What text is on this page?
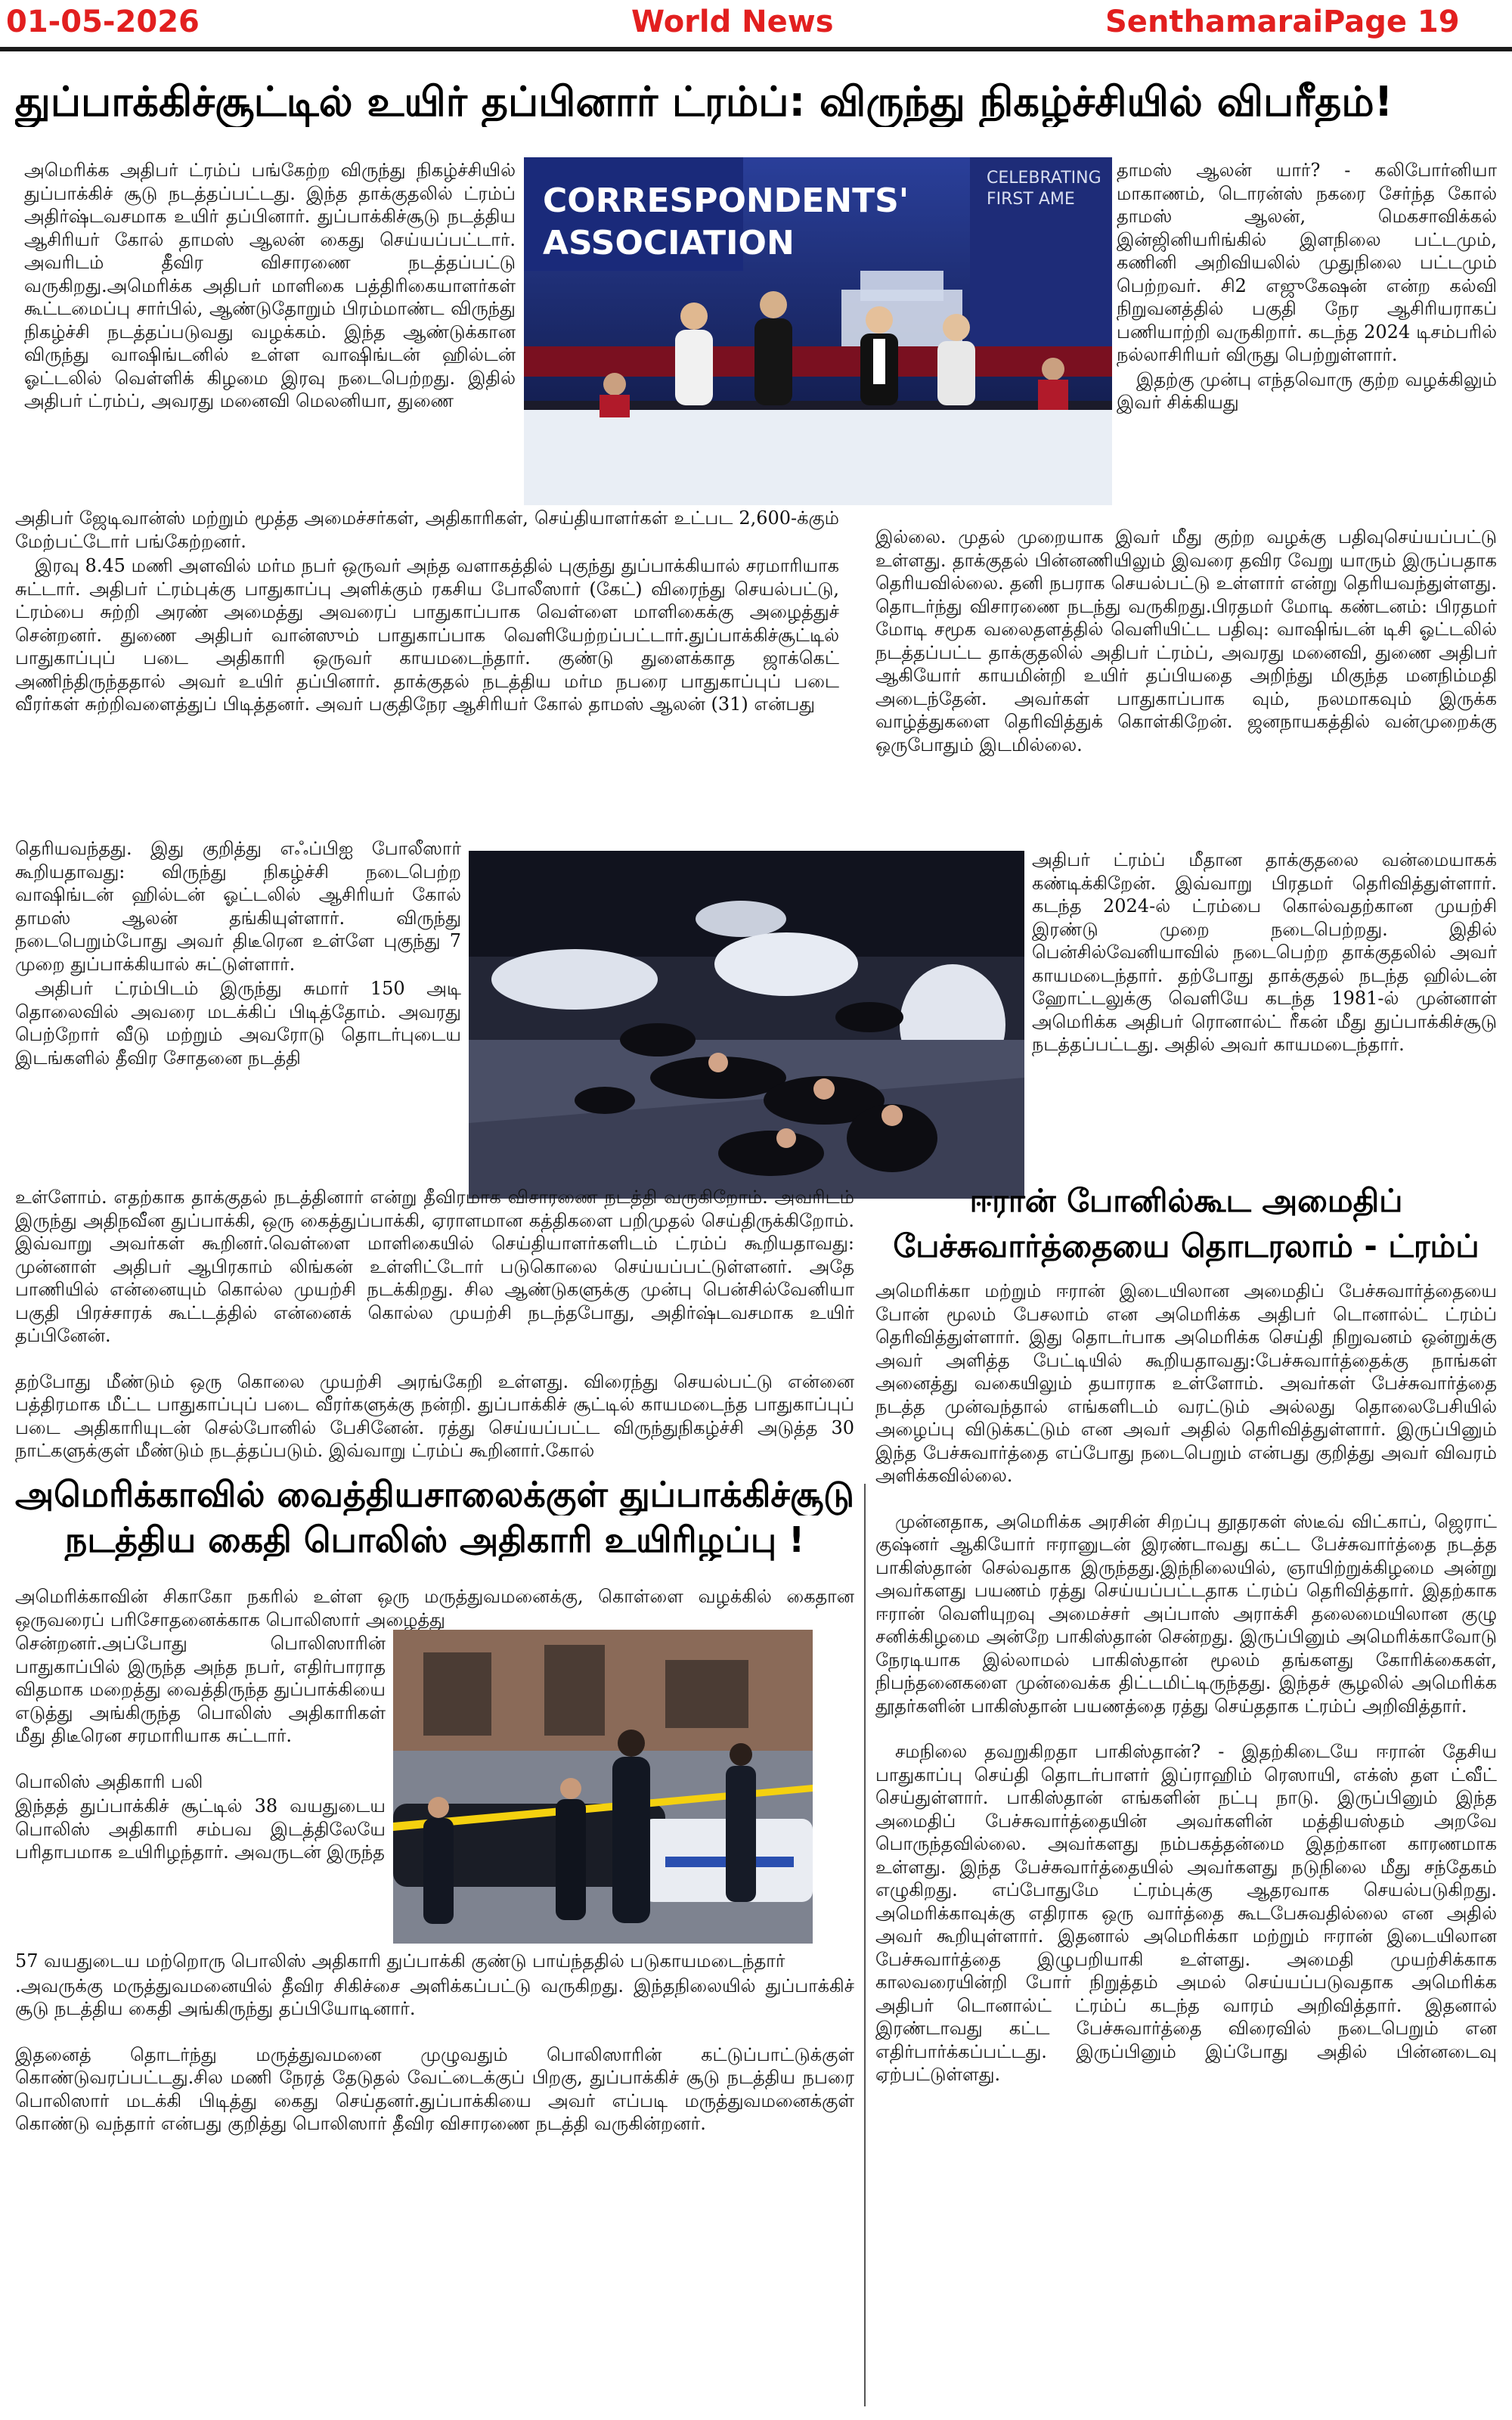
01-05-2026	World News	Senthamarai Page 19
துப்பாக்கிச்சூட்டில் உயிர் தப்பினார் ட்ரம்ப்: விருந்து நிகழ்ச்சியில் விபரீதம்!
CORRESPONDENTS' ASSOCIATION
CELEBRATING FIRST AME

அமெரிக்க அதிபர் ட்ரம்ப் பங்கேற்ற விருந்து நிகழ்ச்சியில் துப்பாக்கிச் சூடு நடத்தப்பட்டது. இந்த தாக்குதலில் ட்ரம்ப் அதிர்ஷ்டவசமாக உயிர் தப்பினார். துப்பாக்கிச்சூடு நடத்திய ஆசிரியர் கோல் தாமஸ் ஆலன் கைது செய்யப்பட்டார். அவரிடம் தீவிர விசாரணை நடத்தப்பட்டு வருகிறது.அமெரிக்க அதிபர் மாளிகை பத்திரிகையாளர்கள் கூட்டமைப்பு சார்பில், ஆண்டுதோறும் பிரம்மாண்ட விருந்து நிகழ்ச்சி நடத்தப்படுவது வழக்கம். இந்த ஆண்டுக்கான விருந்து வாஷிங்டனில் உள்ள வாஷிங்டன் ஹில்டன் ஓட்டலில் வெள்ளிக் கிழமை இரவு நடைபெற்றது. இதில் அதிபர் ட்ரம்ப், அவரது மனைவி மெலனியா, துணை

அதிபர் ஜேடிவான்ஸ் மற்றும் மூத்த அமைச்சர்கள், அதிகாரிகள், செய்தியாளர்கள் உட்பட 2,600-க்கும் மேற்பட்டோர் பங்கேற்றனர்.

இரவு 8.45 மணி அளவில் மர்ம நபர் ஒருவர் அந்த வளாகத்தில் புகுந்து துப்பாக்கியால் சரமாரியாக சுட்டார். அதிபர் ட்ரம்புக்கு பாதுகாப்பு அளிக்கும் ரகசிய போலீஸார் (கேட்) விரைந்து செயல்பட்டு, ட்ரம்பை சுற்றி அரண் அமைத்து அவரைப் பாதுகாப்பாக வெள்ளை மாளிகைக்கு அழைத்துச் சென்றனர். துணை அதிபர் வான்ஸும் பாதுகாப்பாக வெளியேற்றப்பட்டார்.துப்பாக்கிச்சூட்டில் பாதுகாப்புப் படை அதிகாரி ஒருவர் காயமடைந்தார். குண்டு துளைக்காத ஜாக்கெட் அணிந்திருந்ததால் அவர் உயிர் தப்பினார். தாக்குதல் நடத்திய மர்ம நபரை பாதுகாப்புப் படை வீரர்கள் சுற்றிவளைத்துப் பிடித்தனர். அவர் பகுதிநேர ஆசிரியர் கோல் தாமஸ் ஆலன் (31) என்பது

தெரியவந்தது. இது குறித்து எஃப்பிஐ போலீஸார் கூறியதாவது: விருந்து நிகழ்ச்சி நடைபெற்ற வாஷிங்டன் ஹில்டன் ஓட்டலில் ஆசிரியர் கோல் தாமஸ் ஆலன் தங்கியுள்ளார். விருந்து நடைபெறும்போது அவர் திடீரென உள்ளே புகுந்து 7 முறை துப்பாக்கியால் சுட்டுள்ளார்.

அதிபர் ட்ரம்பிடம் இருந்து சுமார் 150 அடி தொலைவில் அவரை மடக்கிப் பிடித்தோம். அவரது பெற்றோர் வீடு மற்றும் அவரோடு தொடர்புடைய இடங்களில் தீவிர சோதனை நடத்தி

உள்ளோம். எதற்காக தாக்குதல் நடத்தினார் என்று தீவிரமாக விசாரணை நடத்தி வருகிறோம். அவரிடம் இருந்து அதிநவீன துப்பாக்கி, ஒரு கைத்துப்பாக்கி, ஏராளமான கத்திகளை பறிமுதல் செய்திருக்கிறோம். இவ்வாறு அவர்கள் கூறினர்.வெள்ளை மாளிகையில் செய்தியாளர்களிடம் ட்ரம்ப் கூறியதாவது: முன்னாள் அதிபர் ஆபிரகாம் லிங்கன் உள்ளிட்டோர் படுகொலை செய்யப்பட்டுள்ளனர். அதே பாணியில் என்னையும் கொல்ல முயற்சி நடக்கிறது. சில ஆண்டுகளுக்கு முன்பு பென்சில்வேனியா பகுதி பிரச்சாரக் கூட்டத்தில் என்னைக் கொல்ல முயற்சி நடந்தபோது, அதிர்ஷ்டவசமாக உயிர் தப்பினேன்.

தற்போது மீண்டும் ஒரு கொலை முயற்சி அரங்கேறி உள்ளது. விரைந்து செயல்பட்டு என்னை பத்திரமாக மீட்ட பாதுகாப்புப் படை வீரர்களுக்கு நன்றி. துப்பாக்கிச் சூட்டில் காயமடைந்த பாதுகாப்புப் படை அதிகாரியுடன் செல்போனில் பேசினேன். ரத்து செய்யப்பட்ட விருந்துநிகழ்ச்சி அடுத்த 30 நாட்களுக்குள் மீண்டும் நடத்தப்படும். இவ்வாறு ட்ரம்ப் கூறினார்.கோல்

தாமஸ் ஆலன் யார்? - கலிபோர்னியா மாகாணம், டொரன்ஸ் நகரை சேர்ந்த கோல் தாமஸ் ஆலன், மெகசாவிக்கல் இன்ஜினியரிங்கில் இளநிலை பட்டமும், கணினி அறிவியலில் முதுநிலை பட்டமும் பெற்றவர். சி2 எஜுகேஷன் என்ற கல்வி நிறுவனத்தில் பகுதி நேர ஆசிரியராகப் பணியாற்றி வருகிறார். கடந்த 2024 டிசம்பரில் நல்லாசிரியர் விருது பெற்றுள்ளார்.

இதற்கு முன்பு எந்தவொரு குற்ற வழக்கிலும் இவர் சிக்கியது

இல்லை. முதல் முறையாக இவர் மீது குற்ற வழக்கு பதிவுசெய்யப்பட்டு உள்ளது. தாக்குதல் பின்னணியிலும் இவரை தவிர வேறு யாரும் இருப்பதாக தெரியவில்லை. தனி நபராக செயல்பட்டு உள்ளார் என்று தெரியவந்துள்ளது. தொடர்ந்து விசாரணை நடந்து வருகிறது.பிரதமர் மோடி கண்டனம்: பிரதமர் மோடி சமூக வலைதளத்தில் வெளியிட்ட பதிவு: வாஷிங்டன் டிசி ஓட்டலில் நடத்தப்பட்ட தாக்குதலில் அதிபர் ட்ரம்ப், அவரது மனைவி, துணை அதிபர் ஆகியோர் காயமின்றி உயிர் தப்பியதை அறிந்து மிகுந்த மனநிம்மதி அடைந்தேன். அவர்கள் பாதுகாப்பாக வும், நலமாகவும் இருக்க வாழ்த்துகளை தெரிவித்துக் கொள்கிறேன். ஜனநாயகத்தில் வன்முறைக்கு ஒருபோதும் இடமில்லை.

அதிபர் ட்ரம்ப் மீதான தாக்குதலை வன்மையாகக் கண்டிக்கிறேன். இவ்வாறு பிரதமர் தெரிவித்துள்ளார். கடந்த 2024-ல் ட்ரம்பை கொல்வதற்கான முயற்சி இரண்டு முறை நடைபெற்றது. இதில் பென்சில்வேனியாவில் நடைபெற்ற தாக்குதலில் அவர் காயமடைந்தார். தற்போது தாக்குதல் நடந்த ஹில்டன் ஹோட்டலுக்கு வெளியே கடந்த 1981-ல் முன்னாள் அமெரிக்க அதிபர் ரொனால்ட் ரீகன் மீது துப்பாக்கிச்சூடு நடத்தப்பட்டது. அதில் அவர் காயமடைந்தார்.

அமெரிக்காவில் வைத்தியசாலைக்குள் துப்பாக்கிச்சூடு
நடத்திய கைதி பொலிஸ் அதிகாரி உயிரிழப்பு !

அமெரிக்காவின் சிகாகோ நகரில் உள்ள ஒரு மருத்துவமனைக்கு, கொள்ளை வழக்கில் கைதான ஒருவரைப் பரிசோதனைக்காக பொலிஸார் அழைத்து

சென்றனர்.அப்போது பொலிஸாரின் பாதுகாப்பில் இருந்த அந்த நபர், எதிர்பாராத விதமாக மறைத்து வைத்திருந்த துப்பாக்கியை எடுத்து அங்கிருந்த பொலிஸ் அதிகாரிகள் மீது திடீரென சரமாரியாக சுட்டார்.

பொலிஸ் அதிகாரி பலி

இந்தத் துப்பாக்கிச் சூட்டில் 38 வயதுடைய பொலிஸ் அதிகாரி சம்பவ இடத்திலேயே பரிதாபமாக உயிரிழந்தார். அவருடன் இருந்த

57 வயதுடைய மற்றொரு பொலிஸ் அதிகாரி துப்பாக்கி குண்டு பாய்ந்ததில் படுகாயமடைந்தார்

.அவருக்கு மருத்துவமனையில் தீவிர சிகிச்சை அளிக்கப்பட்டு வருகிறது. இந்தநிலையில் துப்பாக்கிச் சூடு நடத்திய கைதி அங்கிருந்து தப்பியோடினார்.

இதனைத் தொடர்ந்து மருத்துவமனை முழுவதும் பொலிஸாரின் கட்டுப்பாட்டுக்குள் கொண்டுவரப்பட்டது.சில மணி நேரத் தேடுதல் வேட்டைக்குப் பிறகு, துப்பாக்கிச் சூடு நடத்திய நபரை பொலிஸார் மடக்கி பிடித்து கைது செய்தனர்.துப்பாக்கியை அவர் எப்படி மருத்துவமனைக்குள் கொண்டு வந்தார் என்பது குறித்து பொலிஸார் தீவிர விசாரணை நடத்தி வருகின்றனர்.

ஈரான் போனில்கூட அமைதிப்
பேச்சுவார்த்தையை தொடரலாம் - ட்ரம்ப்

அமெரிக்கா மற்றும் ஈரான் இடையிலான அமைதிப் பேச்சுவார்த்தையை போன் மூலம் பேசலாம் என அமெரிக்க அதிபர் டொனால்ட் ட்ரம்ப் தெரிவித்துள்ளார். இது தொடர்பாக அமெரிக்க செய்தி நிறுவனம் ஒன்றுக்கு அவர் அளித்த பேட்டியில் கூறியதாவது:பேச்சுவார்த்தைக்கு நாங்கள் அனைத்து வகையிலும் தயாராக உள்ளோம். அவர்கள் பேச்சுவார்த்தை நடத்த முன்வந்தால் எங்களிடம் வரட்டும் அல்லது தொலைபேசியில் அழைப்பு விடுக்கட்டும் என அவர் அதில் தெரிவித்துள்ளார். இருப்பினும் இந்த பேச்சுவார்த்தை எப்போது நடைபெறும் என்பது குறித்து அவர் விவரம் அளிக்கவில்லை.

முன்னதாக, அமெரிக்க அரசின் சிறப்பு தூதரகள் ஸ்டீவ் விட்காப், ஜெராட் குஷ்னர் ஆகியோர் ஈரானுடன் இரண்டாவது கட்ட பேச்சுவார்த்தை நடத்த பாகிஸ்தான் செல்வதாக இருந்தது.இந்நிலையில், ஞாயிற்றுக்கிழமை அன்று அவர்களது பயணம் ரத்து செய்யப்பட்டதாக ட்ரம்ப் தெரிவித்தார். இதற்காக ஈரான் வெளியுறவு அமைச்சர் அப்பாஸ் அராக்சி தலைமையிலான குழு சனிக்கிழமை அன்றே பாகிஸ்தான் சென்றது. இருப்பினும் அமெரிக்காவோடு நேரடியாக இல்லாமல் பாகிஸ்தான் மூலம் தங்களது கோரிக்கைகள், நிபந்தனைகளை முன்வைக்க திட்டமிட்டிருந்தது. இந்தச் சூழலில் அமெரிக்க தூதர்களின் பாகிஸ்தான் பயணத்தை ரத்து செய்ததாக ட்ரம்ப் அறிவித்தார்.

சமநிலை தவறுகிறதா பாகிஸ்தான்? - இதற்கிடையே ஈரான் தேசிய பாதுகாப்பு செய்தி தொடர்பாளர் இப்ராஹிம் ரெஸாயி, எக்ஸ் தள ட்வீட் செய்துள்ளார். பாகிஸ்தான் எங்களின் நட்பு நாடு. இருப்பினும் இந்த அமைதிப் பேச்சுவார்த்தையின் அவர்களின் மத்தியஸ்தம் அறவே பொருந்தவில்லை. அவர்களது நம்பகத்தன்மை இதற்கான காரணமாக உள்ளது. இந்த பேச்சுவார்த்தையில் அவர்களது நடுநிலை மீது சந்தேகம் எழுகிறது. எப்போதுமே ட்ரம்புக்கு ஆதரவாக செயல்படுகிறது. அமெரிக்காவுக்கு எதிராக ஒரு வார்த்தை கூடபேசுவதில்லை என அதில் அவர் கூறியுள்ளார். இதனால் அமெரிக்கா மற்றும் ஈரான் இடையிலான பேச்சுவார்த்தை இழுபறியாகி உள்ளது. அமைதி முயற்சிக்காக காலவரையின்றி போர் நிறுத்தம் அமல் செய்யப்படுவதாக அமெரிக்க அதிபர் டொனால்ட் ட்ரம்ப் கடந்த வாரம் அறிவித்தார். இதனால் இரண்டாவது கட்ட பேச்சுவார்த்தை விரைவில் நடைபெறும் என எதிர்பார்க்கப்பட்டது. இருப்பினும் இப்போது அதில் பின்னடைவு ஏற்பட்டுள்ளது.
